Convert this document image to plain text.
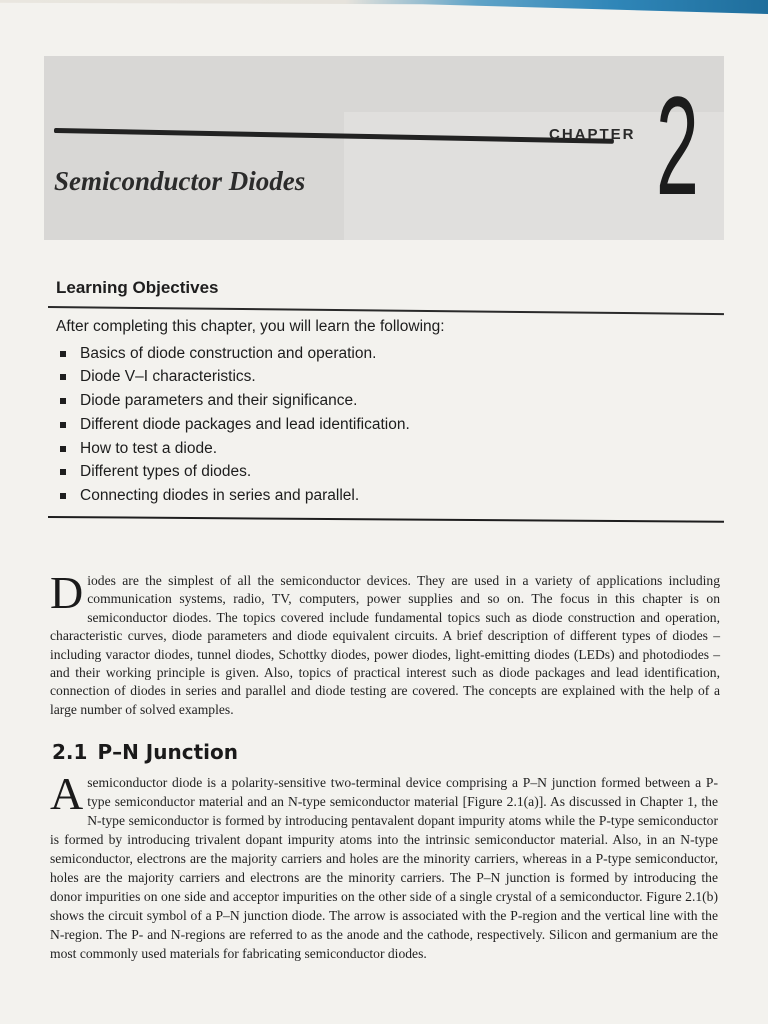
CHAPTER 2
Semiconductor Diodes
Learning Objectives
After completing this chapter, you will learn the following:
Basics of diode construction and operation.
Diode V–I characteristics.
Diode parameters and their significance.
Different diode packages and lead identification.
How to test a diode.
Different types of diodes.
Connecting diodes in series and parallel.
D iodes are the simplest of all the semiconductor devices. They are used in a variety of applications including communication systems, radio, TV, computers, power supplies and so on. The focus in this chapter is on semiconductor diodes. The topics covered include fundamental topics such as diode construction and operation, characteristic curves, diode parameters and diode equivalent circuits. A brief description of different types of diodes – including varactor diodes, tunnel diodes, Schottky diodes, power diodes, light-emitting diodes (LEDs) and photodiodes – and their working principle is given. Also, topics of practical interest such as diode packages and lead identification, connection of diodes in series and parallel and diode testing are covered. The concepts are explained with the help of a large number of solved examples.
2.1 P–N Junction
A semiconductor diode is a polarity-sensitive two-terminal device comprising a P–N junction formed between a P-type semiconductor material and an N-type semiconductor material [Figure 2.1(a)]. As discussed in Chapter 1, the N-type semiconductor is formed by introducing pentavalent dopant impurity atoms while the P-type semiconductor is formed by introducing trivalent dopant impurity atoms into the intrinsic semiconductor material. Also, in an N-type semiconductor, electrons are the majority carriers and holes are the minority carriers, whereas in a P-type semiconductor, holes are the majority carriers and electrons are the minority carriers. The P–N junction is formed by introducing the donor impurities on one side and acceptor impurities on the other side of a single crystal of a semiconductor. Figure 2.1(b) shows the circuit symbol of a P–N junction diode. The arrow is associated with the P-region and the vertical line with the N-region. The P- and N-regions are referred to as the anode and the cathode, respectively. Silicon and germanium are the most commonly used materials for fabricating semiconductor diodes.
